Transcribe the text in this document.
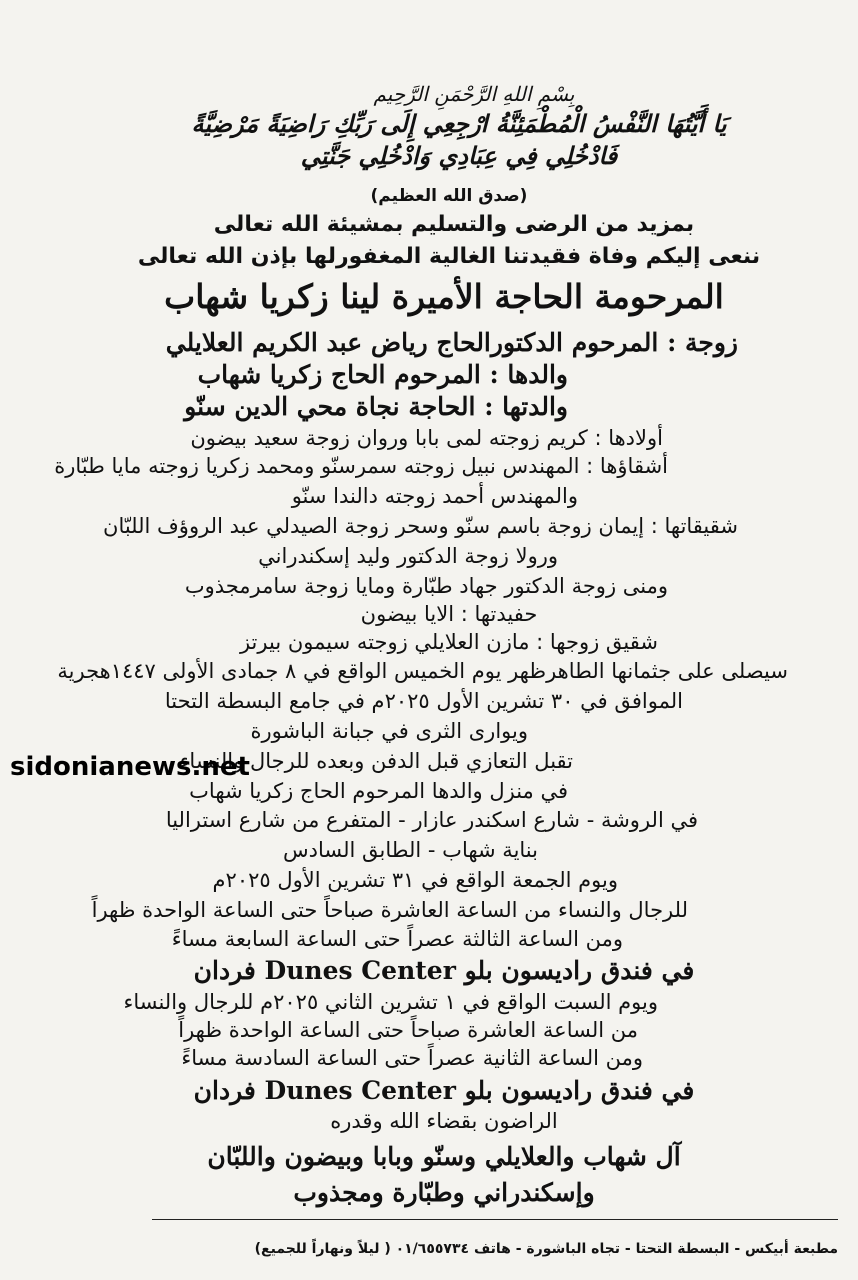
بِسْمِ اللهِ الرَّحْمَنِ الرَّحِيم
يَا أَيَّتُهَا النَّفْسُ الْمُطْمَئِنَّةُ ارْجِعِي إِلَى رَبِّكِ رَاضِيَةً مَرْضِيَّةً
فَادْخُلِي فِي عِبَادِي وَادْخُلِي جَنَّتِي
(صدق الله العظيم)
بمزيد من الرضى والتسليم بمشيئة الله تعالى
ننعى إليكم وفاة فقيدتنا الغالية المغفورلها بإذن الله تعالى
المرحومة الحاجة الأميرة لينا زكريا شهاب
زوجة : المرحوم الدكتورالحاج رياض عبد الكريم العلايلي
والدها : المرحوم الحاج زكريا شهاب
والدتها : الحاجة نجاة محي الدين سنّو
أولادها : كريم زوجته لمى بابا وروان زوجة سعيد بيضون
أشقاؤها : المهندس نبيل زوجته سمرسنّو ومحمد زكريا زوجته مايا طبّارة
والمهندس أحمد زوجته دالندا سنّو
شقيقاتها : إيمان زوجة باسم سنّو وسحر زوجة الصيدلي عبد الروؤف اللبّان
ورولا زوجة الدكتور وليد إسكندراني
ومنى زوجة الدكتور جهاد طبّارة ومايا زوجة سامرمجذوب
حفيدتها : الايا بيضون
شقيق زوجها : مازن العلايلي زوجته سيمون بيرتز
سيصلى على جثمانها الطاهرظهر يوم الخميس الواقع في ٨ جمادى الأولى ١٤٤٧هجرية
الموافق في ٣٠ تشرين الأول ٢٠٢٥م في جامع البسطة التحتا
ويوارى الثرى في جبانة الباشورة
تقبل التعازي قبل الدفن وبعده للرجال والنساء
في منزل والدها المرحوم الحاج زكريا شهاب
في الروشة - شارع اسكندر عازار - المتفرع من شارع استراليا
بناية شهاب - الطابق السادس
ويوم الجمعة الواقع في ٣١ تشرين الأول ٢٠٢٥م
للرجال والنساء من الساعة العاشرة صباحاً حتى الساعة الواحدة ظهراً
ومن الساعة الثالثة عصراً حتى الساعة السابعة مساءً
في فندق راديسون بلو Dunes Center فردان
ويوم السبت الواقع في ١ تشرين الثاني ٢٠٢٥م للرجال والنساء
من الساعة العاشرة صباحاً حتى الساعة الواحدة ظهراً
ومن الساعة الثانية عصراً حتى الساعة السادسة مساءً
في فندق راديسون بلو Dunes Center فردان
الراضون بقضاء الله وقدره
آل شهاب والعلايلي وسنّو وبابا وبيضون واللبّان
وإسكندراني وطبّارة ومجذوب
مطبعة أبيكس - البسطة التحتا - تجاه الباشورة - هاتف ٠١/٦٥٥٧٣٤ ( ليلاً ونهاراً للجميع)
sidonianews.net
